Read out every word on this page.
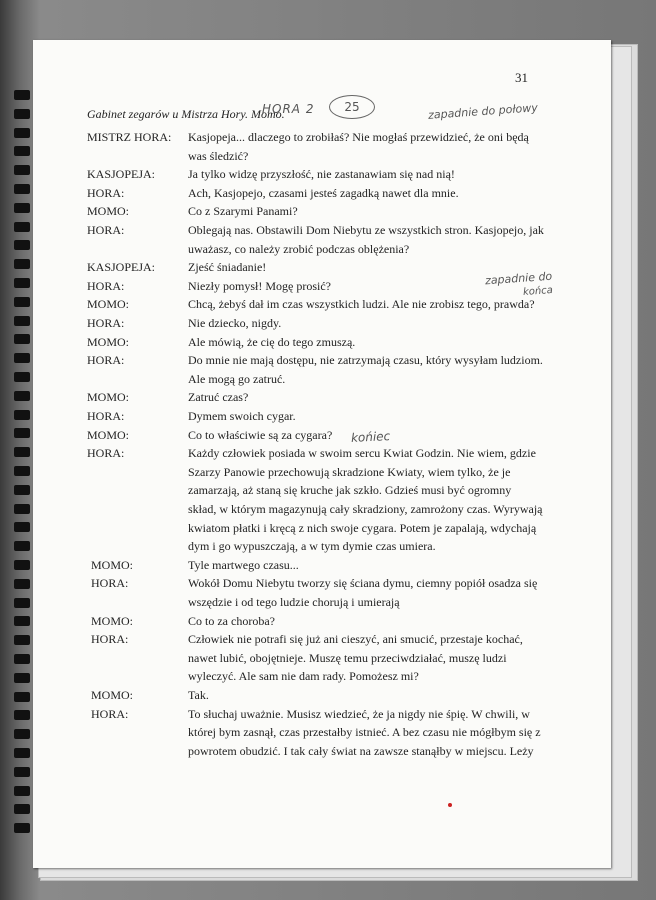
31
Gabinet zegarów u Mistrza Hory. Momo.
HORA 2	25	zapadnie do połowy
zapadnie do
końca
końiec
MISTRZ HORA: Kasjopeja... dlaczego to zrobiłaś? Nie mogłaś przewidzieć, że oni będą
was śledzić?
KASJOPEJA:	Ja tylko widzę przyszłość, nie zastanawiam się nad nią!
HORA:	Ach, Kasjopejo, czasami jesteś zagadką nawet dla mnie.
MOMO:	Co z Szarymi Panami?
HORA:	Oblegają nas. Obstawili Dom Niebytu ze wszystkich stron. Kasjopejo, jak
uważasz, co należy zrobić podczas oblężenia?
KASJOPEJA:	Zjeść śniadanie!
HORA:	Niezły pomysł! Mogę prosić?
MOMO:	Chcą, żebyś dał im czas wszystkich ludzi. Ale nie zrobisz tego, prawda?
HORA:	Nie dziecko, nigdy.
MOMO:	Ale mówią, że cię do tego zmuszą.
HORA:	Do mnie nie mają dostępu, nie zatrzymają czasu, który wysyłam ludziom.
Ale mogą go zatruć.
MOMO:	Zatruć czas?
HORA:	Dymem swoich cygar.
MOMO:	Co to właściwie są za cygara?
HORA:	Każdy człowiek posiada w swoim sercu Kwiat Godzin. Nie wiem, gdzie
Szarzy Panowie przechowują skradzione Kwiaty, wiem tylko, że je
zamarzają, aż staną się kruche jak szkło. Gdzieś musi być ogromny
skład, w którym magazynują cały skradziony, zamrożony czas. Wyrywają
kwiatom płatki i kręcą z nich swoje cygara. Potem je zapalają, wdychają
dym i go wypuszczają, a w tym dymie czas umiera.
MOMO:	Tyle martwego czasu...
HORA:	Wokół Domu Niebytu tworzy się ściana dymu, ciemny popiół osadza się
wszędzie i od tego ludzie chorują i umierają
MOMO:	Co to za choroba?
HORA:	Człowiek nie potrafi się już ani cieszyć, ani smucić, przestaje kochać,
nawet lubić, obojętnieje. Muszę temu przeciwdziałać, muszę ludzi
wyleczyć. Ale sam nie dam rady. Pomożesz mi?
MOMO:	Tak.
HORA:	To słuchaj uważnie. Musisz wiedzieć, że ja nigdy nie śpię. W chwili, w
której bym zasnął, czas przestałby istnieć. A bez czasu nie mógłbym się z
powrotem obudzić. I tak cały świat na zawsze stanąłby w miejscu. Leży
